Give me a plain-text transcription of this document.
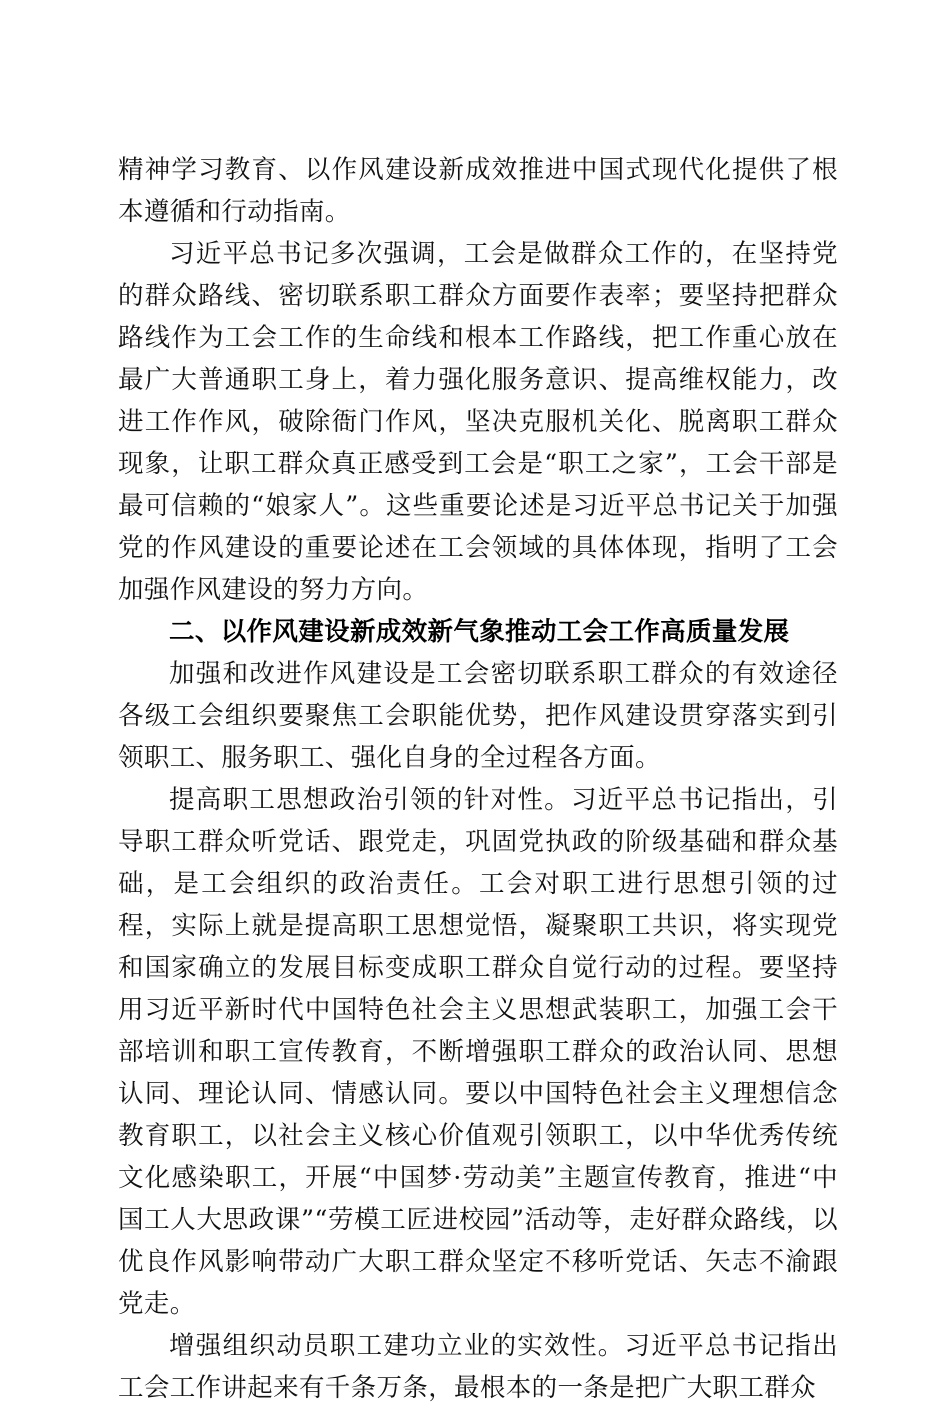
精神学习教育、以作风建设新成效推进中国式现代化提供了根本遵循和行动指南。

习近平总书记多次强调，工会是做群众工作的，在坚持党的群众路线、密切联系职工群众方面要作表率；要坚持把群众路线作为工会工作的生命线和根本工作路线，把工作重心放在最广大普通职工身上，着力强化服务意识、提高维权能力，改进工作作风，破除衙门作风，坚决克服机关化、脱离职工群众现象，让职工群众真正感受到工会是“职工之家”，工会干部是最可信赖的“娘家人”。这些重要论述是习近平总书记关于加强党的作风建设的重要论述在工会领域的具体体现，指明了工会加强作风建设的努力方向。

二、以作风建设新成效新气象推动工会工作高质量发展

加强和改进作风建设是工会密切联系职工群众的有效途径各级工会组织要聚焦工会职能优势，把作风建设贯穿落实到引领职工、服务职工、强化自身的全过程各方面。

提高职工思想政治引领的针对性。习近平总书记指出，引导职工群众听党话、跟党走，巩固党执政的阶级基础和群众基础，是工会组织的政治责任。工会对职工进行思想引领的过程，实际上就是提高职工思想觉悟，凝聚职工共识，将实现党和国家确立的发展目标变成职工群众自觉行动的过程。要坚持用习近平新时代中国特色社会主义思想武装职工，加强工会干部培训和职工宣传教育，不断增强职工群众的政治认同、思想认同、理论认同、情感认同。要以中国特色社会主义理想信念教育职工，以社会主义核心价值观引领职工，以中华优秀传统文化感染职工，开展“中国梦·劳动美”主题宣传教育，推进“中国工人大思政课”“劳模工匠进校园”活动等，走好群众路线，以优良作风影响带动广大职工群众坚定不移听党话、矢志不渝跟党走。

增强组织动员职工建功立业的实效性。习近平总书记指出工会工作讲起来有千条万条，最根本的一条是把广大职工群众
